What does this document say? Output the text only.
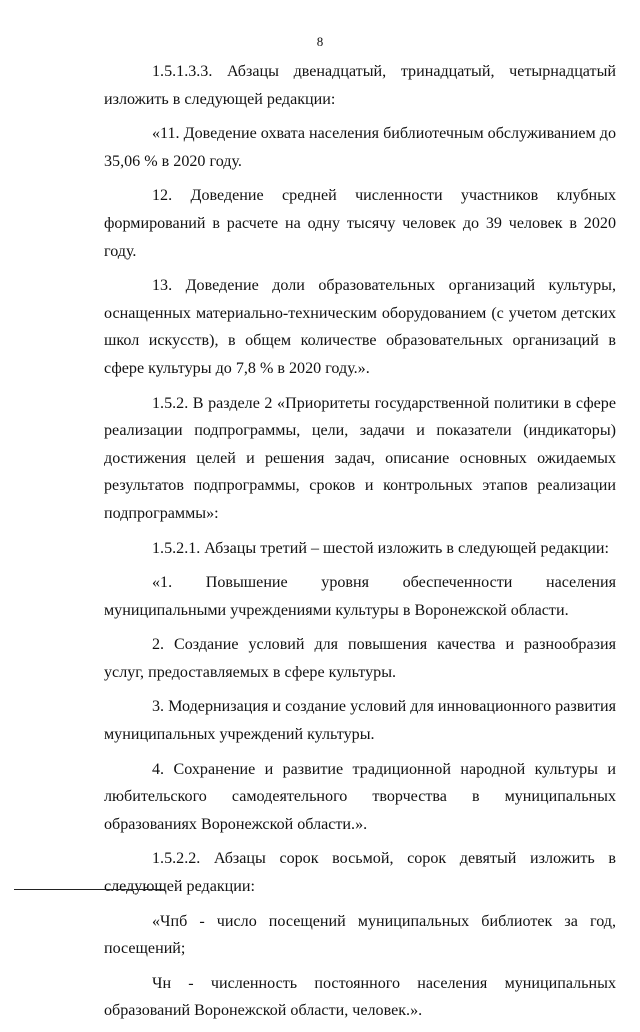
8

1.5.1.3.3. Абзацы двенадцатый, тринадцатый, четырнадцатый изложить в следующей редакции:

«11. Доведение охвата населения библиотечным обслуживанием до 35,06 % в 2020 году.

12. Доведение средней численности участников клубных формирований в расчете на одну тысячу человек до 39 человек в 2020 году.

13. Доведение доли образовательных организаций культуры, оснащенных материально-техническим оборудованием (с учетом детских школ искусств), в общем количестве образовательных организаций в сфере культуры до 7,8 % в 2020 году.».

1.5.2. В разделе 2 «Приоритеты государственной политики в сфере реализации подпрограммы, цели, задачи и показатели (индикаторы) достижения целей и решения задач, описание основных ожидаемых результатов подпрограммы, сроков и контрольных этапов реализации подпрограммы»:

1.5.2.1. Абзацы третий – шестой изложить в следующей редакции:

«1. Повышение уровня обеспеченности населения муниципальными учреждениями культуры в Воронежской области.

2. Создание условий для повышения качества и разнообразия услуг, предоставляемых в сфере культуры.

3. Модернизация и создание условий для инновационного развития муниципальных учреждений культуры.

4. Сохранение и развитие традиционной народной культуры и любительского самодеятельного творчества в муниципальных образованиях Воронежской области.».

1.5.2.2. Абзацы сорок восьмой, сорок девятый изложить в следующей редакции:

«Чпб - число посещений муниципальных библиотек за год, посещений;

Чн - численность постоянного населения муниципальных образований Воронежской области, человек.».
